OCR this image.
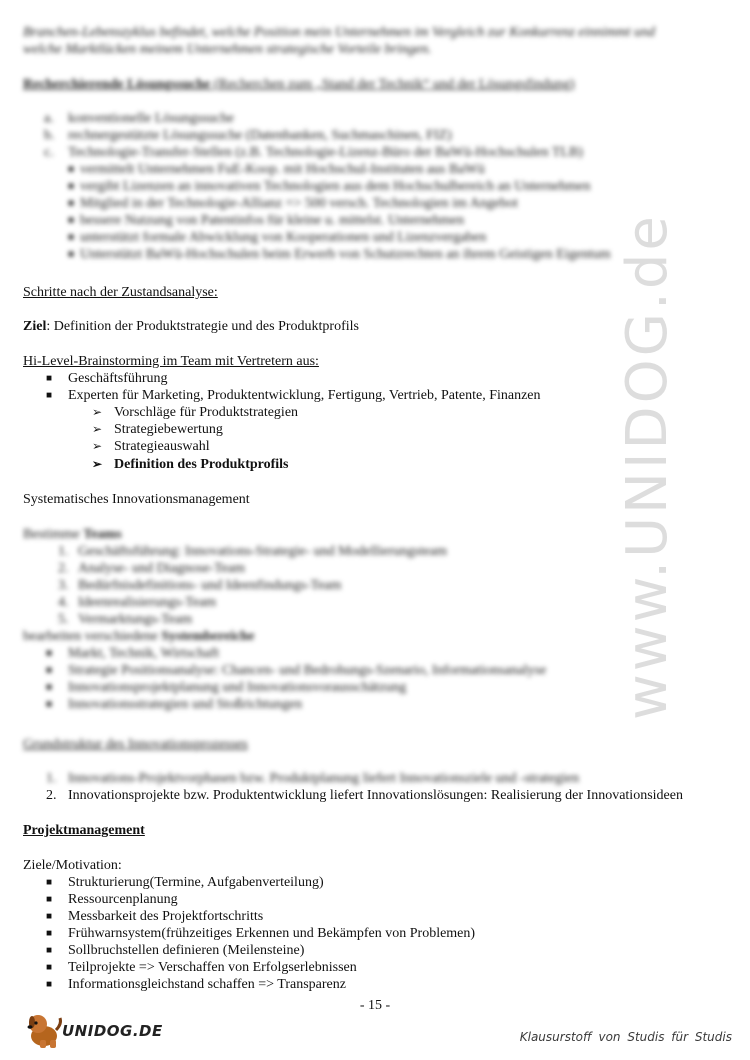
www.UNIDOG.de
Branchen-Lebenszyklus befindet, welche Position mein Unternehmen im Vergleich zur Konkurrenz einnimmt und
welche Marktlücken meinem Unternehmen strategische Vorteile bringen.
Recherchierende Lösungssuche (Recherchen zum „Stand der Technik“ und der Lösungsfindung)
a. konventionelle Lösungssuche
b. rechnergestützte Lösungssuche (Datenbanken, Suchmaschinen, FIZ)
c. Technologie-Transfer-Stellen (z.B. Technologie-Lizenz-Büro der BaWü-Hochschulen TLB)
■ vermittelt Unternehmen FuE-Koop. mit Hochschul-Instituten aus BaWü
■ vergibt Lizenzen an innovativen Technologien aus dem Hochschulbereich an Unternehmen
■ Mitglied in der Technologie-Allianz => 500 versch. Technologien im Angebot
■ bessere Nutzung von Patentinfos für kleine u. mittelst. Unternehmen
■ unterstützt formale Abwicklung von Kooperationen und Lizenzvergaben
■ Unterstützt BaWü-Hochschulen beim Erwerb von Schutzrechten an ihrem Geistigen Eigentum
Schritte nach der Zustandsanalyse:
Ziel: Definition der Produktstrategie und des Produktprofils
Hi-Level-Brainstorming im Team mit Vertretern aus:
■ Geschäftsführung
■ Experten für Marketing, Produktentwicklung, Fertigung, Vertrieb, Patente, Finanzen
➢ Vorschläge für Produktstrategien
➢ Strategiebewertung
➢ Strategieauswahl
➢ Definition des Produktprofils
Systematisches Innovationsmanagement
Bestimme Teams
1. Geschäftsführung: Innovations-Strategie- und Modellierungsteam
2. Analyse- und Diagnose-Team
3. Bedürfnisdefinitions- und Ideenfindungs-Team
4. Ideenrealisierungs-Team
5. Vermarktungs-Team
bearbeiten verschiedene Systembereiche
■ Markt, Technik, Wirtschaft
■ Strategie Positionsanalyse: Chancen- und Bedrohungs-Szenario, Informationsanalyse
■ Innovationsprojektplanung und Innovationsvorausschätzung
■ Innovationsstrategien und Stoßrichtungen
Grundstruktur des Innovationsprozesses
1. Innovations-Projektvorphasen bzw. Produktplanung liefert Innovationsziele und -strategien
2. Innovationsprojekte bzw. Produktentwicklung liefert Innovationslösungen: Realisierung der Innovationsideen
Projektmanagement
Ziele/Motivation:
■ Strukturierung(Termine, Aufgabenverteilung)
■ Ressourcenplanung
■ Messbarkeit des Projektfortschritts
■ Frühwarnsystem(frühzeitiges Erkennen und Bekämpfen von Problemen)
■ Sollbruchstellen definieren (Meilensteine)
■ Teilprojekte => Verschaffen von Erfolgserlebnissen
■ Informationsgleichstand schaffen => Transparenz
- 15 -
UNIDOG.DE	Klausurstoff von Studis für Studis
